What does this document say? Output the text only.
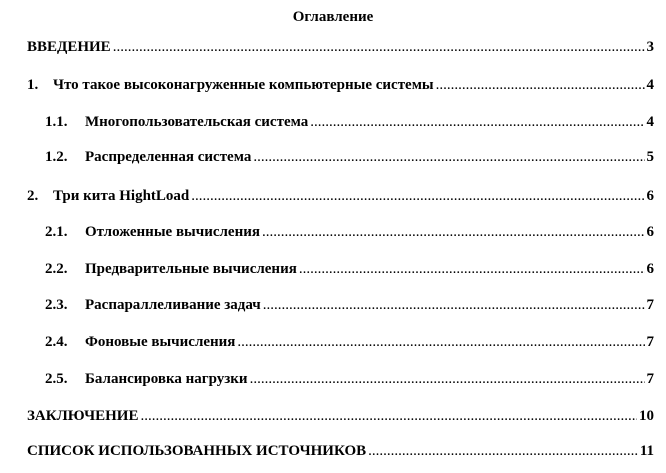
Оглавление
ВВЕДЕНИЕ .....	3
1. Что такое высоконагруженные компьютерные системы .....	4
1.1.	Многопользовательская система .....	4
1.2.	Распределенная система .....	5
2. Три кита HightLoad .....	6
2.1.	Отложенные вычисления .....	6
2.2.	Предварительные вычисления .....	6
2.3.	Распараллеливание задач .....	7
2.4.	Фоновые вычисления .....	7
2.5.	Балансировка нагрузки .....	7
ЗАКЛЮЧЕНИЕ .....	10
СПИСОК ИСПОЛЬЗОВАННЫХ ИСТОЧНИКОВ .....	11
